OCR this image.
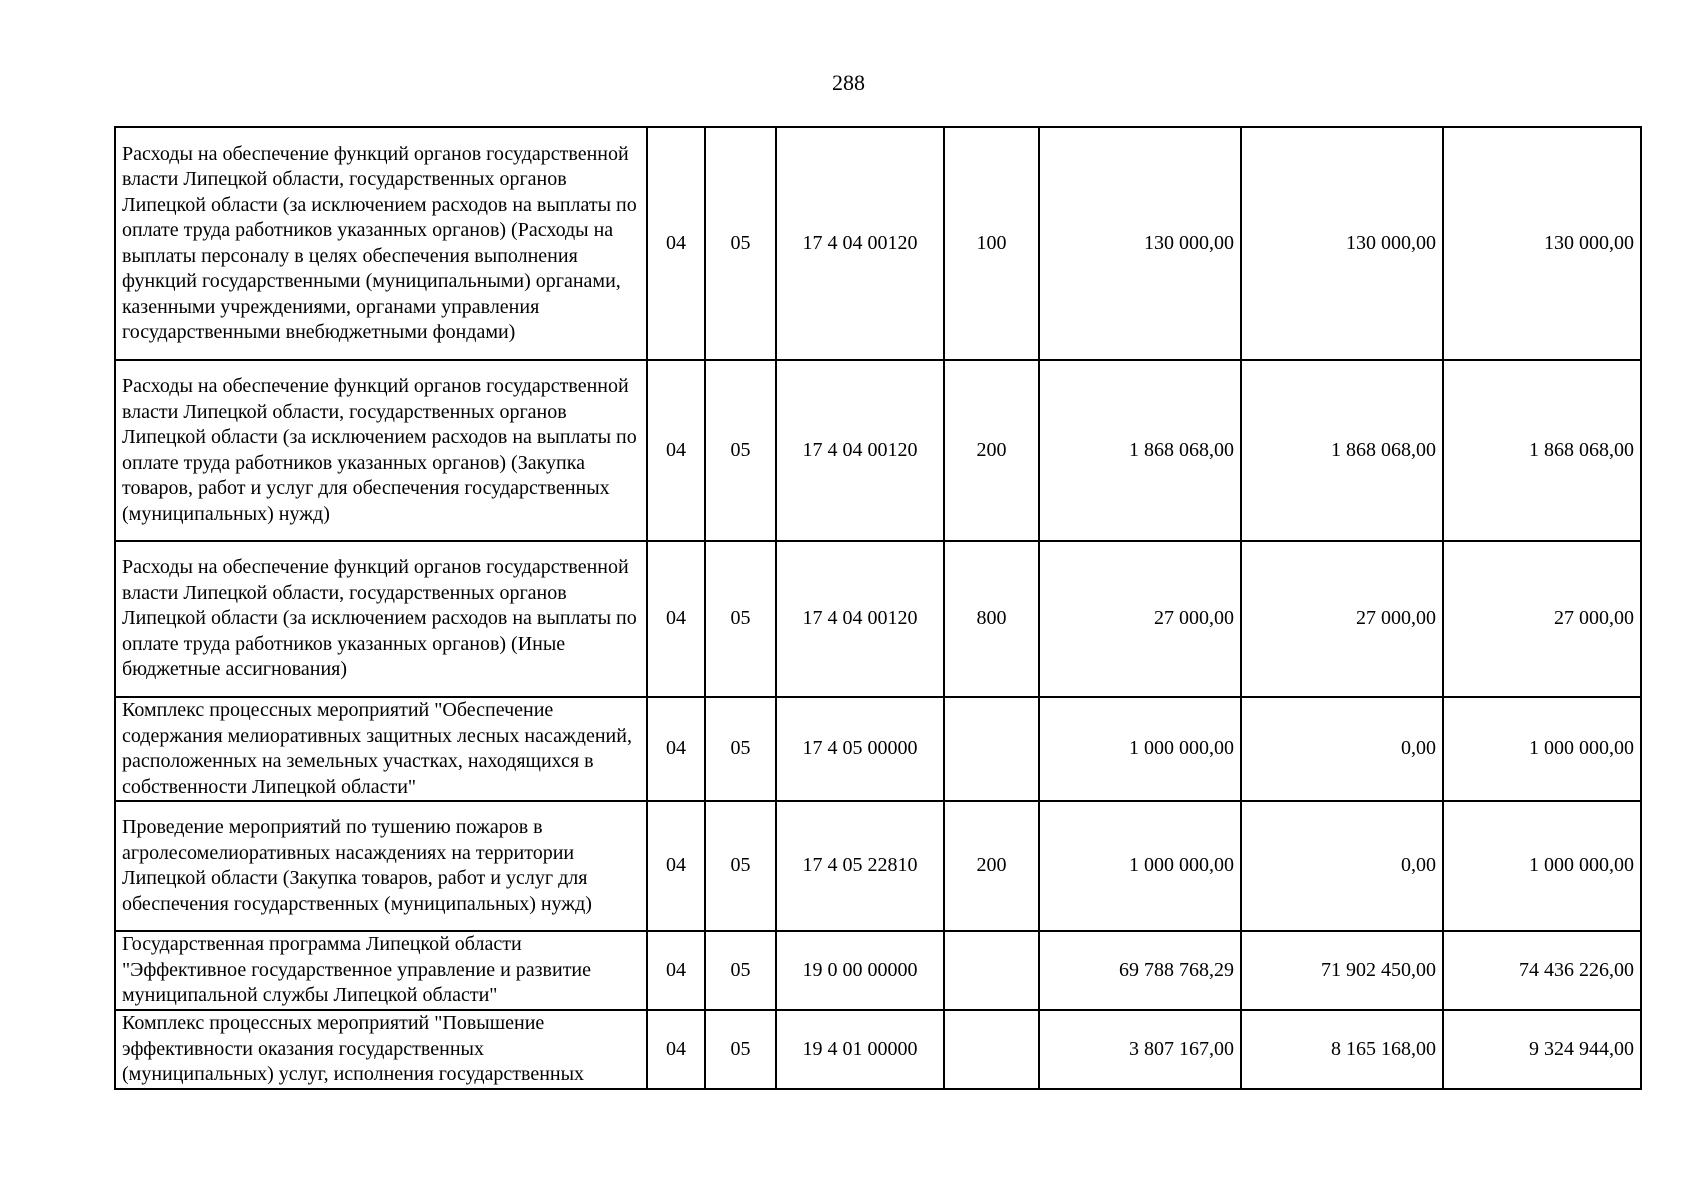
288
Расходы на обеспечение функций органов государственной власти Липецкой области, государственных органов Липецкой области (за исключением расходов на выплаты по оплате труда работников указанных органов) (Расходы на выплаты персоналу в целях обеспечения выполнения функций государственными (муниципальными) органами, казенными учреждениями, органами управления государственными внебюджетными фондами)	04	05	17 4 04 00120	100	130 000,00	130 000,00	130 000,00
Расходы на обеспечение функций органов государственной власти Липецкой области, государственных органов Липецкой области (за исключением расходов на выплаты по оплате труда работников указанных органов) (Закупка товаров, работ и услуг для обеспечения государственных (муниципальных) нужд)	04	05	17 4 04 00120	200	1 868 068,00	1 868 068,00	1 868 068,00
Расходы на обеспечение функций органов государственной власти Липецкой области, государственных органов Липецкой области (за исключением расходов на выплаты по оплате труда работников указанных органов) (Иные бюджетные ассигнования)	04	05	17 4 04 00120	800	27 000,00	27 000,00	27 000,00
Комплекс процессных мероприятий "Обеспечение содержания мелиоративных защитных лесных насаждений, расположенных на земельных участках, находящихся в собственности Липецкой области"	04	05	17 4 05 00000		1 000 000,00	0,00	1 000 000,00
Проведение мероприятий по тушению пожаров в агролесомелиоративных насаждениях на территории Липецкой области (Закупка товаров, работ и услуг для обеспечения государственных (муниципальных) нужд)	04	05	17 4 05 22810	200	1 000 000,00	0,00	1 000 000,00
Государственная программа Липецкой области "Эффективное государственное управление и развитие муниципальной службы Липецкой области"	04	05	19 0 00 00000		69 788 768,29	71 902 450,00	74 436 226,00
Комплекс процессных мероприятий "Повышение эффективности оказания государственных (муниципальных) услуг, исполнения государственных	04	05	19 4 01 00000		3 807 167,00	8 165 168,00	9 324 944,00
